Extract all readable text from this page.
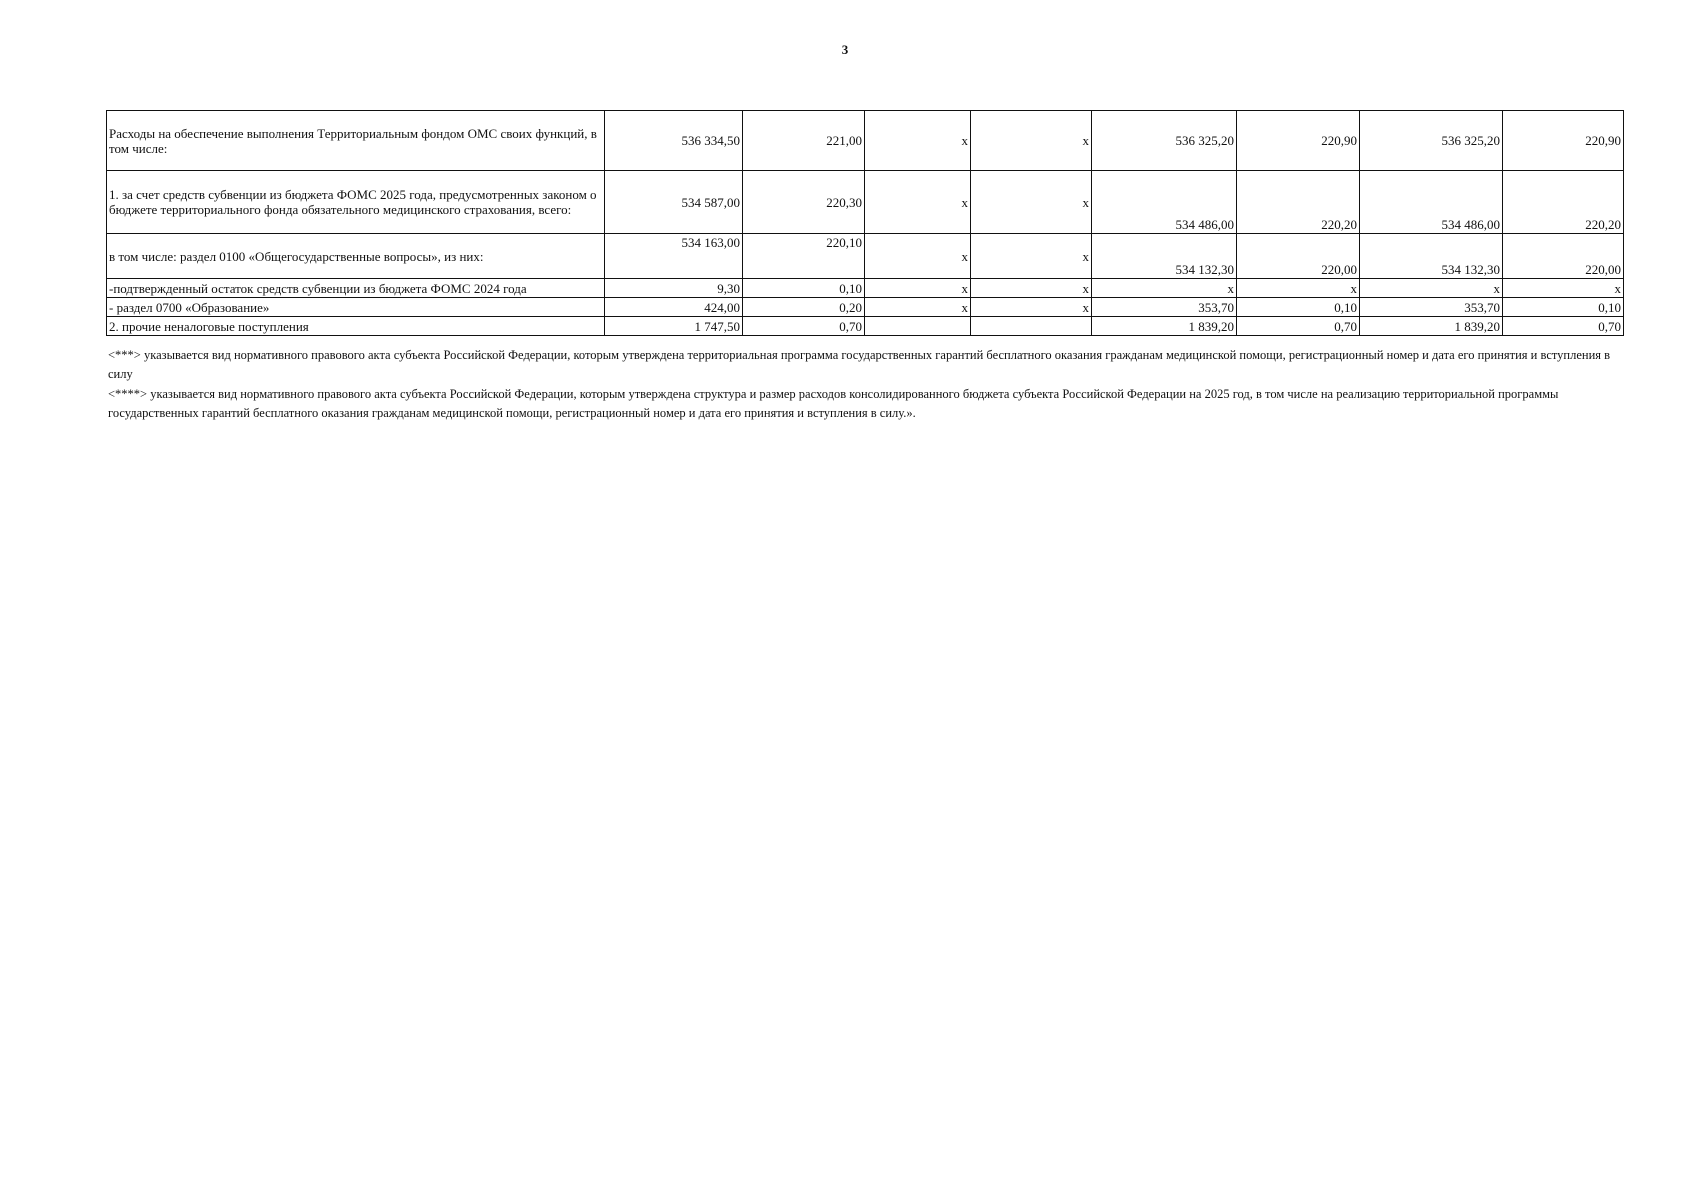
3
Расходы на обеспечение выполнения Территориальным фондом ОМС своих функций, в том числе:	536 334,50	221,00	x	x	536 325,20	220,90	536 325,20	220,90
1. за счет средств субвенции из бюджета ФОМС 2025 года, предусмотренных законом о бюджете территориального фонда обязательного медицинского страхования, всего:	534 587,00	220,30	x	x	534 486,00	220,20	534 486,00	220,20
в том числе: раздел 0100 «Общегосударственные вопросы», из них:	534 163,00	220,10	x	x	534 132,30	220,00	534 132,30	220,00
-подтвержденный остаток средств субвенции из бюджета ФОМС 2024 года	9,30	0,10	x	x	x	x	x	x
- раздел 0700 «Образование»	424,00	0,20	x	x	353,70	0,10	353,70	0,10
2. прочие неналоговые поступления	1 747,50	0,70			1 839,20	0,70	1 839,20	0,70

<***> указывается вид нормативного правового акта субъекта Российской Федерации, которым утверждена территориальная программа государственных гарантий бесплатного оказания гражданам медицинской помощи, регистрационный номер и дата его принятия и вступления в силу

<****> указывается вид нормативного правового акта субъекта Российской Федерации, которым утверждена структура и размер расходов консолидированного бюджета субъекта Российской Федерации на 2025 год, в том числе на реализацию территориальной программы государственных гарантий бесплатного оказания гражданам медицинской помощи, регистрационный номер и дата его принятия и вступления в силу.».
